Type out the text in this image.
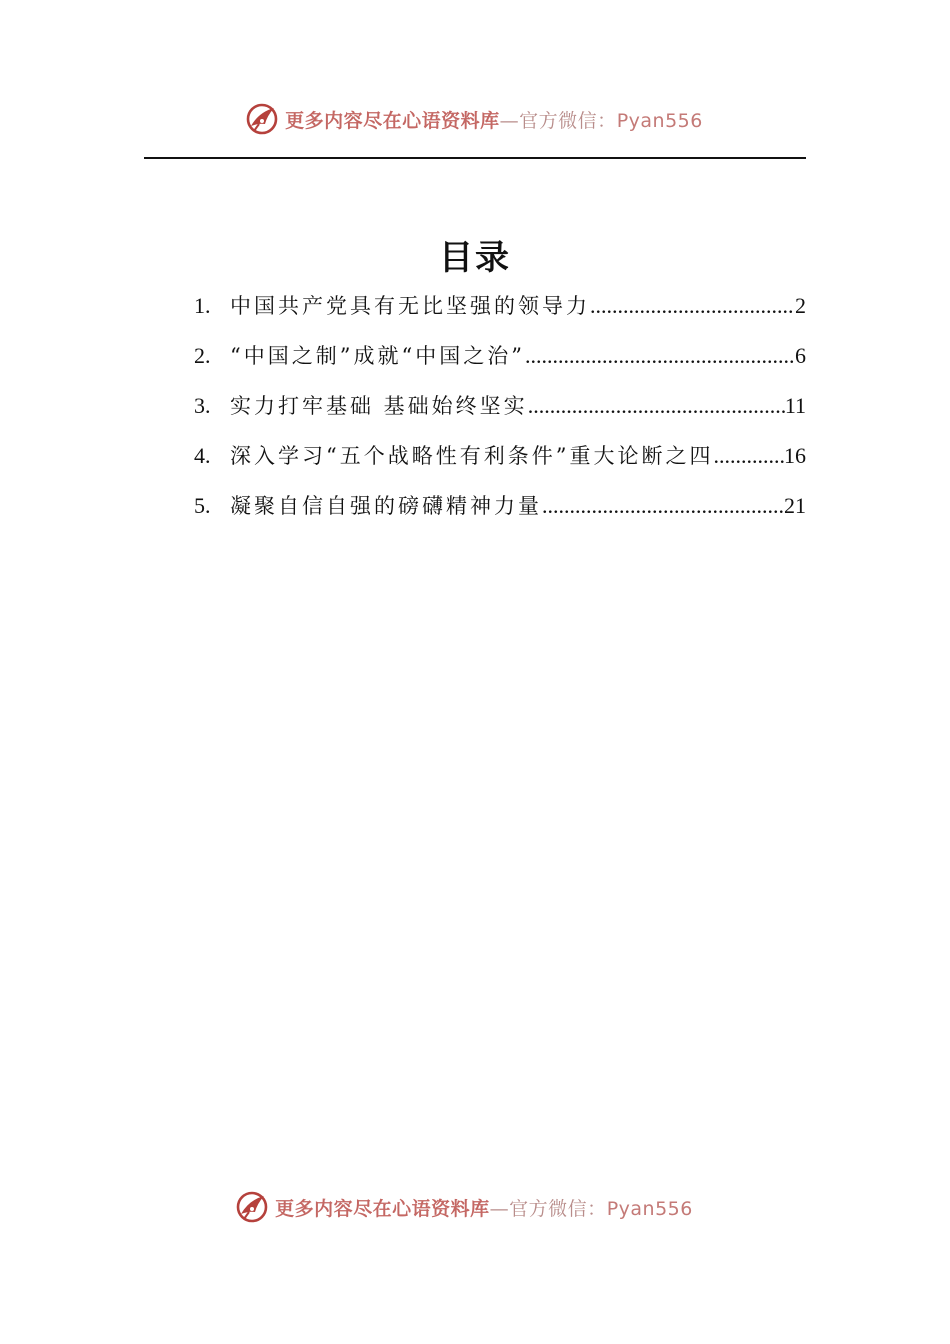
更多内容尽在心语资料库—官方微信：Pyan556
目录
1. 中国共产党具有无比坚强的领导力 .....	2
2. “中国之制”成就“中国之治” .....	6
3. 实力打牢基础 基础始终坚实 .....	11
4. 深入学习“五个战略性有利条件”重大论断之四 .....	16
5. 凝聚自信自强的磅礴精神力量 .....	21
更多内容尽在心语资料库—官方微信：Pyan556
